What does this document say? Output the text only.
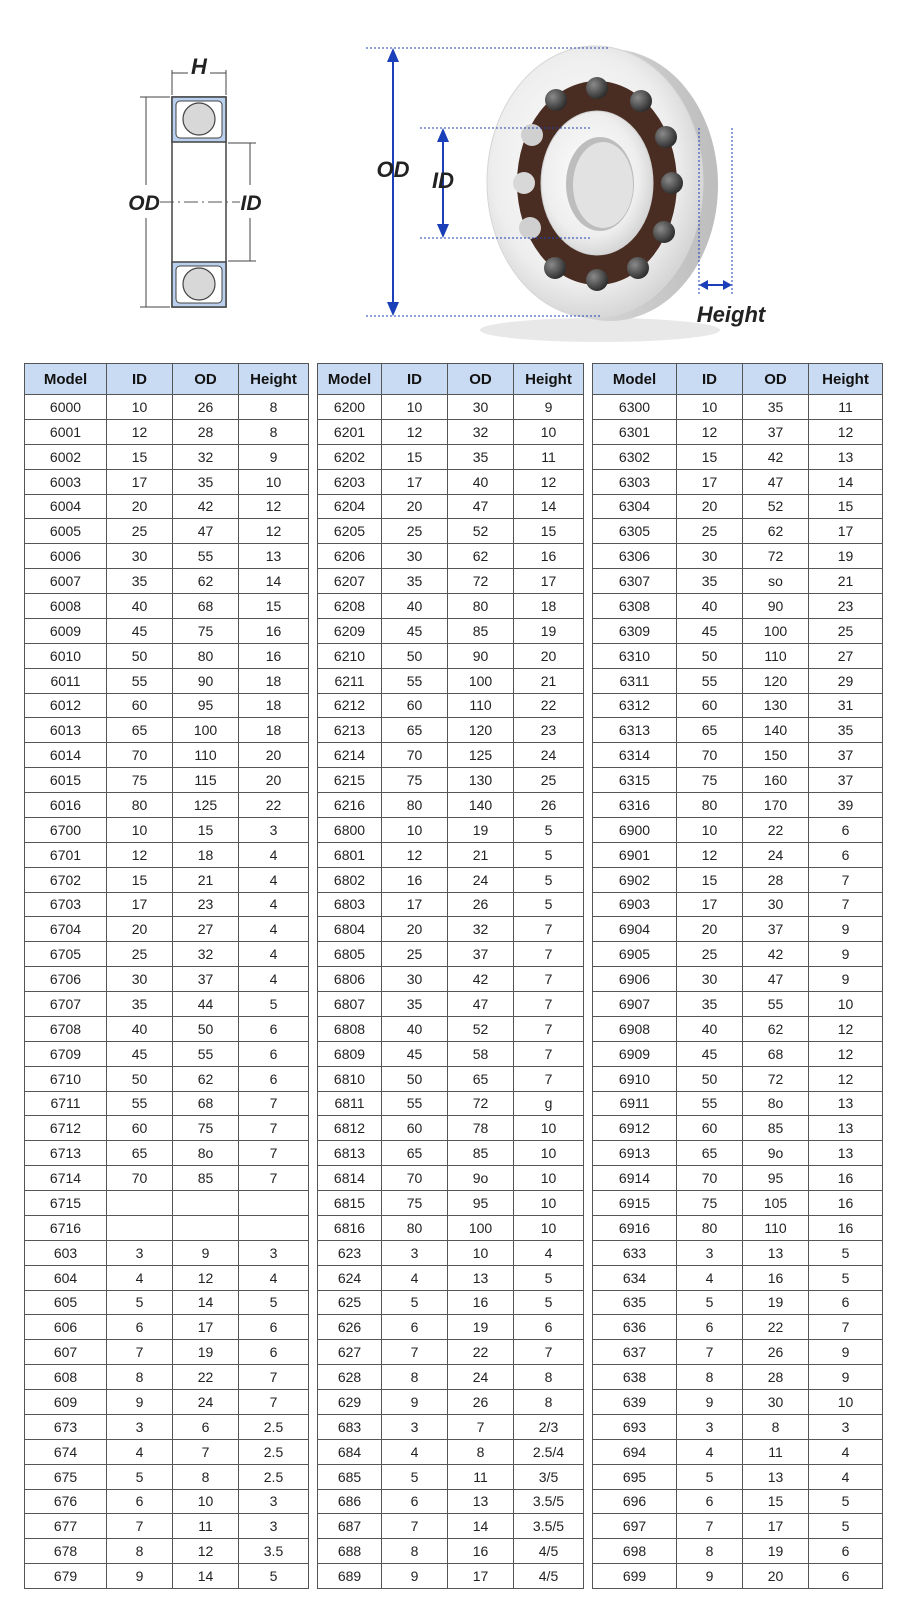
H
OD	ID
OD ID
Height
Model	ID	OD	Height
6000	10	26	8
6001	12	28	8
6002	15	32	9
6003	17	35	10
6004	20	42	12
6005	25	47	12
6006	30	55	13
6007	35	62	14
6008	40	68	15
6009	45	75	16
6010	50	80	16
6011	55	90	18
6012	60	95	18
6013	65	100	18
6014	70	110	20
6015	75	115	20
6016	80	125	22
6700	10	15	3
6701	12	18	4
6702	15	21	4
6703	17	23	4
6704	20	27	4
6705	25	32	4
6706	30	37	4
6707	35	44	5
6708	40	50	6
6709	45	55	6
6710	50	62	6
6711	55	68	7
6712	60	75	7
6713	65	8o	7
6714	70	85	7
6715			
6716			
603	3	9	3
604	4	12	4
605	5	14	5
606	6	17	6
607	7	19	6
608	8	22	7
609	9	24	7
673	3	6	2.5
674	4	7	2.5
675	5	8	2.5
676	6	10	3
677	7	11	3
678	8	12	3.5
679	9	14	5
Model	ID	OD	Height
6200	10	30	9
6201	12	32	10
6202	15	35	11
6203	17	40	12
6204	20	47	14
6205	25	52	15
6206	30	62	16
6207	35	72	17
6208	40	80	18
6209	45	85	19
6210	50	90	20
6211	55	100	21
6212	60	110	22
6213	65	120	23
6214	70	125	24
6215	75	130	25
6216	80	140	26
6800	10	19	5
6801	12	21	5
6802	16	24	5
6803	17	26	5
6804	20	32	7
6805	25	37	7
6806	30	42	7
6807	35	47	7
6808	40	52	7
6809	45	58	7
6810	50	65	7
6811	55	72	g
6812	60	78	10
6813	65	85	10
6814	70	9o	10
6815	75	95	10
6816	80	100	10
623	3	10	4
624	4	13	5
625	5	16	5
626	6	19	6
627	7	22	7
628	8	24	8
629	9	26	8
683	3	7	2/3
684	4	8	2.5/4
685	5	11	3/5
686	6	13	3.5/5
687	7	14	3.5/5
688	8	16	4/5
689	9	17	4/5
Model	ID	OD	Height
6300	10	35	11
6301	12	37	12
6302	15	42	13
6303	17	47	14
6304	20	52	15
6305	25	62	17
6306	30	72	19
6307	35	so	21
6308	40	90	23
6309	45	100	25
6310	50	110	27
6311	55	120	29
6312	60	130	31
6313	65	140	35
6314	70	150	37
6315	75	160	37
6316	80	170	39
6900	10	22	6
6901	12	24	6
6902	15	28	7
6903	17	30	7
6904	20	37	9
6905	25	42	9
6906	30	47	9
6907	35	55	10
6908	40	62	12
6909	45	68	12
6910	50	72	12
6911	55	8o	13
6912	60	85	13
6913	65	9o	13
6914	70	95	16
6915	75	105	16
6916	80	110	16
633	3	13	5
634	4	16	5
635	5	19	6
636	6	22	7
637	7	26	9
638	8	28	9
639	9	30	10
693	3	8	3
694	4	11	4
695	5	13	4
696	6	15	5
697	7	17	5
698	8	19	6
699	9	20	6
